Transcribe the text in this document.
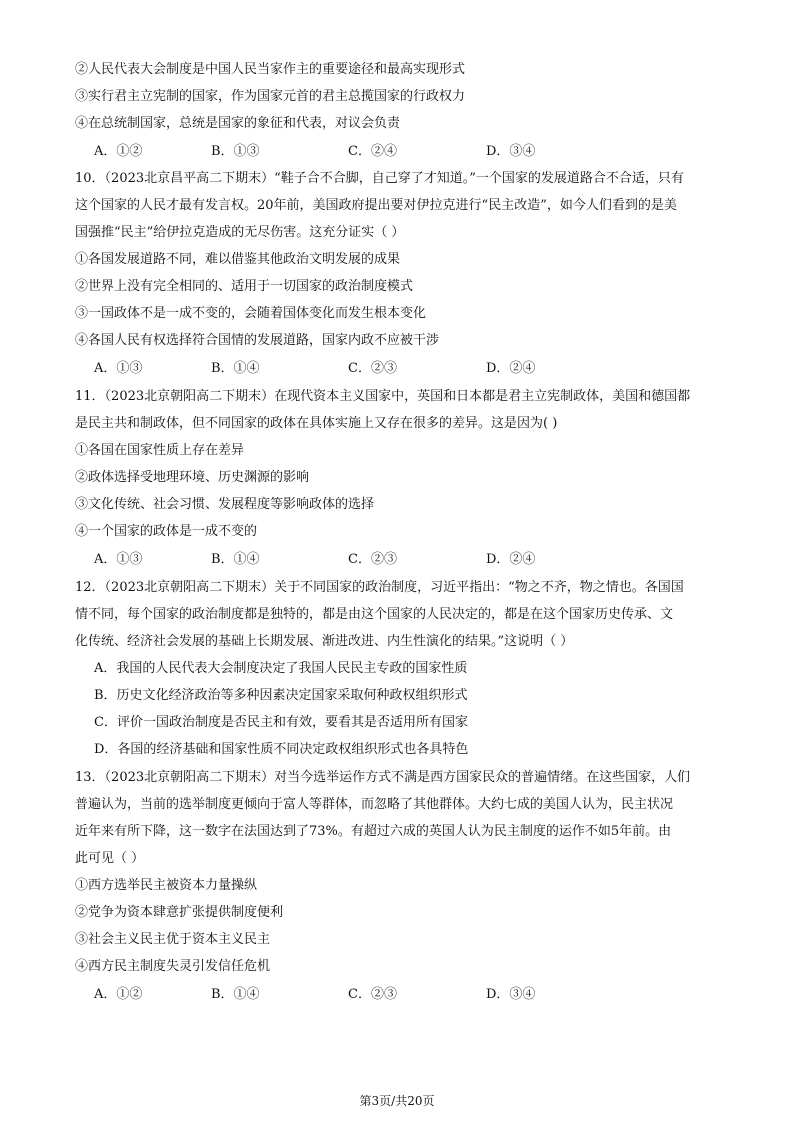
②人民代表大会制度是中国人民当家作主的重要途径和最高实现形式
③实行君主立宪制的国家，作为国家元首的君主总揽国家的行政权力
④在总统制国家，总统是国家的象征和代表，对议会负责
A．①②	B．①③	C．②④	D．③④
10．（2023北京昌平高二下期末）“鞋子合不合脚，自己穿了才知道。”一个国家的发展道路合不合适，只有
这个国家的人民才最有发言权。20年前，美国政府提出要对伊拉克进行“民主改造”，如今人们看到的是美
国强推“民主”给伊拉克造成的无尽伤害。这充分证实（ ）
①各国发展道路不同，难以借鉴其他政治文明发展的成果
②世界上没有完全相同的、适用于一切国家的政治制度模式
③一国政体不是一成不变的，会随着国体变化而发生根本变化
④各国人民有权选择符合国情的发展道路，国家内政不应被干涉
A．①③	B．①④	C．②③	D．②④
11．（2023北京朝阳高二下期末）在现代资本主义国家中，英国和日本都是君主立宪制政体，美国和德国都
是民主共和制政体，但不同国家的政体在具体实施上又存在很多的差异。这是因为( )
①各国在国家性质上存在差异
②政体选择受地理环境、历史渊源的影响
③文化传统、社会习惯、发展程度等影响政体的选择
④一个国家的政体是一成不变的
A．①③	B．①④	C．②③	D．②④
12．（2023北京朝阳高二下期末）关于不同国家的政治制度，习近平指出：“物之不齐，物之情也。各国国
情不同，每个国家的政治制度都是独特的，都是由这个国家的人民决定的，都是在这个国家历史传承、文
化传统、经济社会发展的基础上长期发展、渐进改进、内生性演化的结果。”这说明（ ）
A．我国的人民代表大会制度决定了我国人民民主专政的国家性质
B．历史文化经济政治等多种因素决定国家采取何种政权组织形式
C．评价一国政治制度是否民主和有效，要看其是否适用所有国家
D．各国的经济基础和国家性质不同决定政权组织形式也各具特色
13．（2023北京朝阳高二下期末）对当今选举运作方式不满是西方国家民众的普遍情绪。在这些国家，人们
普遍认为，当前的选举制度更倾向于富人等群体，而忽略了其他群体。大约七成的美国人认为，民主状况
近年来有所下降，这一数字在法国达到了73%。有超过六成的英国人认为民主制度的运作不如5年前。由
此可见（ ）
①西方选举民主被资本力量操纵
②党争为资本肆意扩张提供制度便利
③社会主义民主优于资本主义民主
④西方民主制度失灵引发信任危机
A．①②	B．①④	C．②③	D．③④
第3页/共20页
